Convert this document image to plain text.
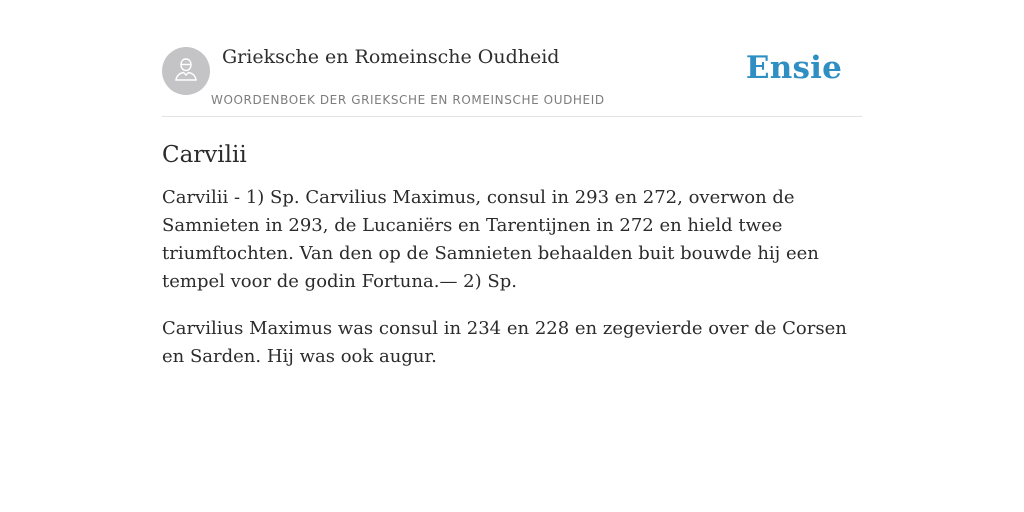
Grieksche en Romeinsche Oudheid
WOORDENBOEK DER GRIEKSCHE EN ROMEINSCHE OUDHEID
Ensie
Carvilii

Carvilii - 1) Sp. Carvilius Maximus, consul in 293 en 272, overwon de Samnieten in 293, de Lucaniërs en Tarentijnen in 272 en hield twee triumftochten. Van den op de Samnieten behaalden buit bouwde hij een tempel voor de godin Fortuna.— 2) Sp.

Carvilius Maximus was consul in 234 en 228 en zegevierde over de Corsen en Sarden. Hij was ook augur.
